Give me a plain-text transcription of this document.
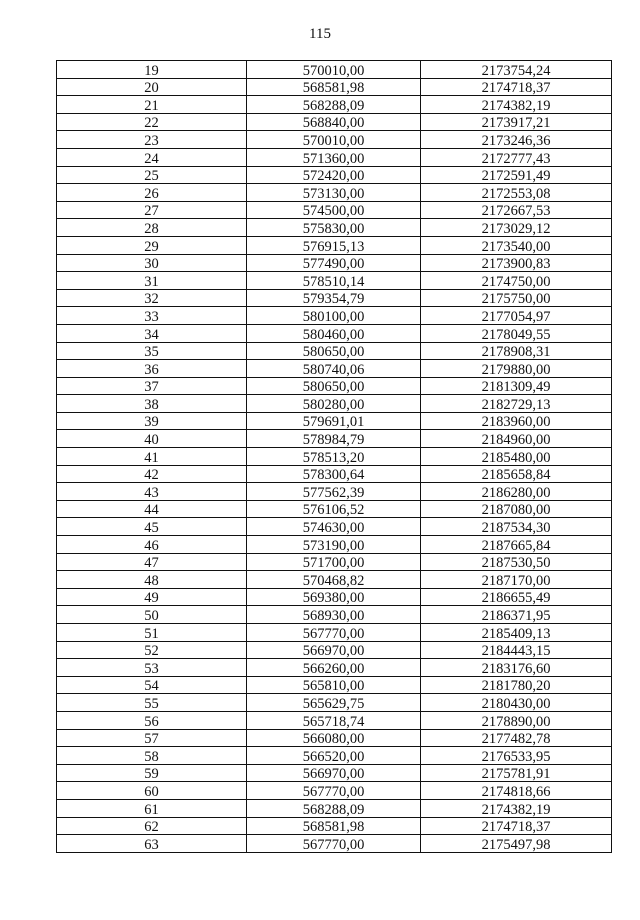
115
19	570010,00	2173754,24
20	568581,98	2174718,37
21	568288,09	2174382,19
22	568840,00	2173917,21
23	570010,00	2173246,36
24	571360,00	2172777,43
25	572420,00	2172591,49
26	573130,00	2172553,08
27	574500,00	2172667,53
28	575830,00	2173029,12
29	576915,13	2173540,00
30	577490,00	2173900,83
31	578510,14	2174750,00
32	579354,79	2175750,00
33	580100,00	2177054,97
34	580460,00	2178049,55
35	580650,00	2178908,31
36	580740,06	2179880,00
37	580650,00	2181309,49
38	580280,00	2182729,13
39	579691,01	2183960,00
40	578984,79	2184960,00
41	578513,20	2185480,00
42	578300,64	2185658,84
43	577562,39	2186280,00
44	576106,52	2187080,00
45	574630,00	2187534,30
46	573190,00	2187665,84
47	571700,00	2187530,50
48	570468,82	2187170,00
49	569380,00	2186655,49
50	568930,00	2186371,95
51	567770,00	2185409,13
52	566970,00	2184443,15
53	566260,00	2183176,60
54	565810,00	2181780,20
55	565629,75	2180430,00
56	565718,74	2178890,00
57	566080,00	2177482,78
58	566520,00	2176533,95
59	566970,00	2175781,91
60	567770,00	2174818,66
61	568288,09	2174382,19
62	568581,98	2174718,37
63	567770,00	2175497,98
